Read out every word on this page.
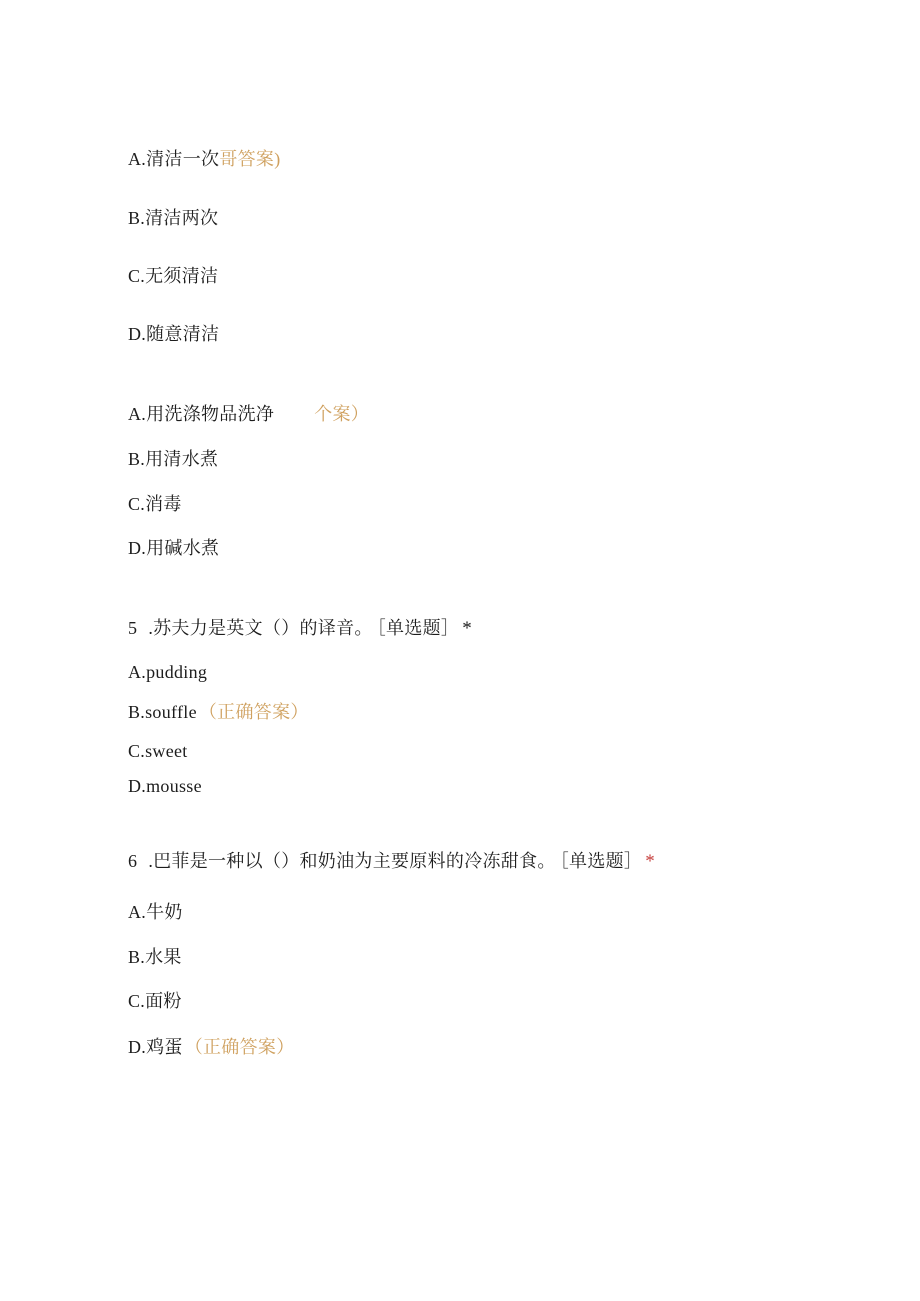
A.清洁一次哥答案)
B.清洁两次
C.无须清洁
D.随意清洁
A.用洗涤物品洗净 个案）
B.用清水煮
C.消毒
D.用碱水煮
5 .苏夫力是英文（）的译音。 ［单选题］ *
A.pudding
B.souffle （正确答案）
C.sweet
D.mousse
6 .巴菲是一种以（）和奶油为主要原料的冷冻甜食。 ［单选题］ *
A.牛奶
B.水果
C.面粉
D.鸡蛋 （正确答案）
